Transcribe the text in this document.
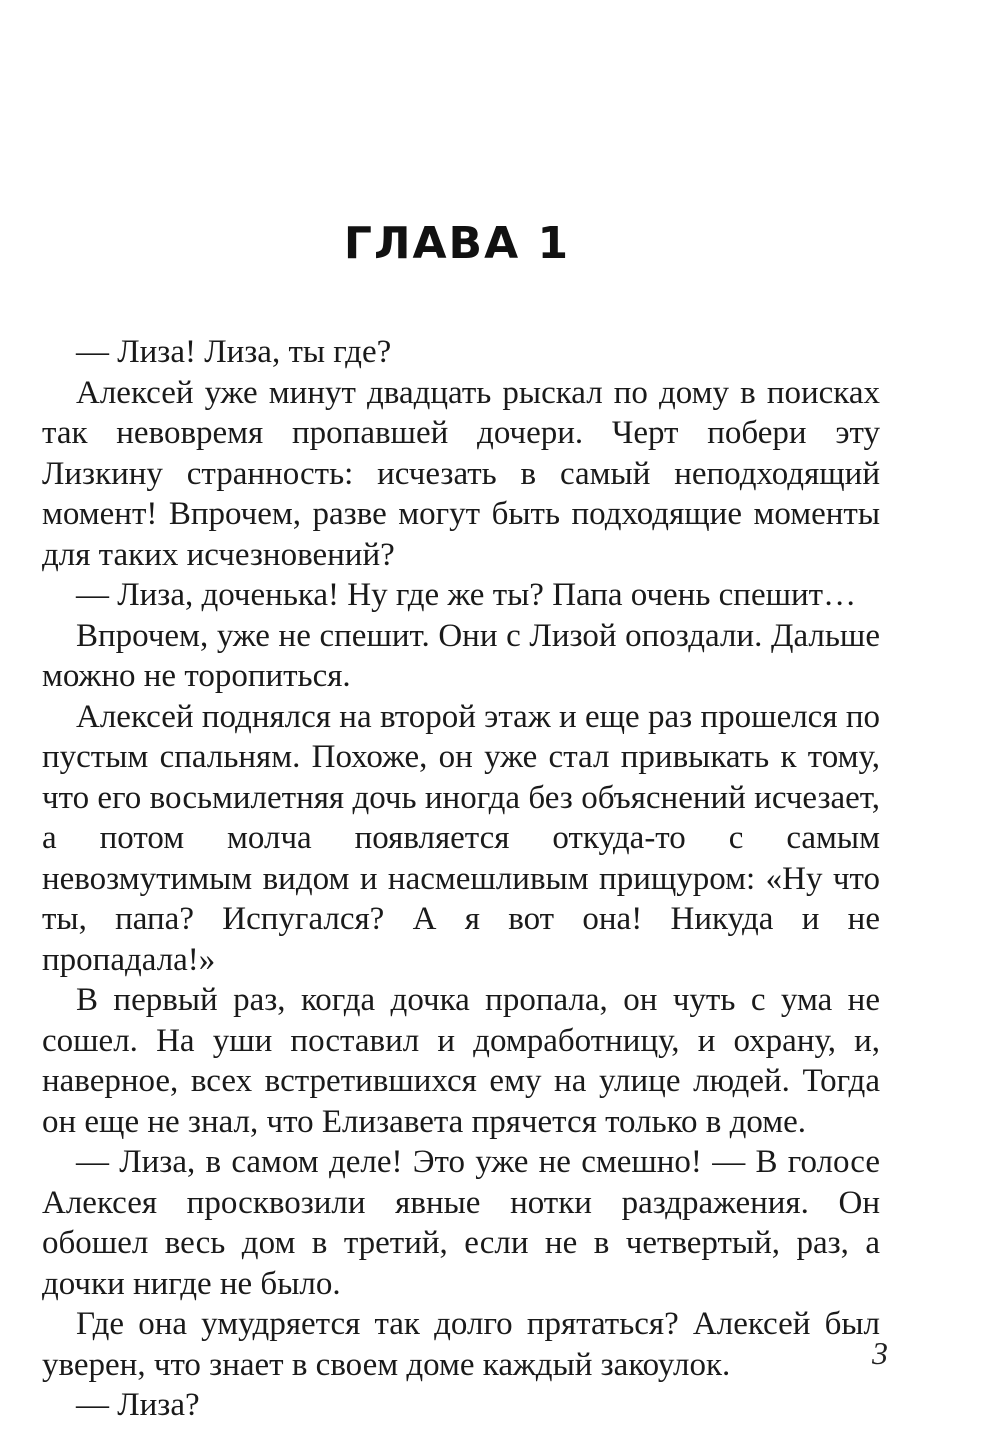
ГЛАВА 1

— Лиза! Лиза, ты где?

Алексей уже минут двадцать рыскал по дому в поисках так невовремя пропавшей дочери. Черт побери эту Лизкину странность: исчезать в самый неподходящий момент! Впрочем, разве могут быть подходящие моменты для таких исчезновений?

— Лиза, доченька! Ну где же ты? Папа очень спешит…

Впрочем, уже не спешит. Они с Лизой опоздали. Дальше можно не торопиться.

Алексей поднялся на второй этаж и еще раз прошелся по пустым спальням. Похоже, он уже стал привыкать к тому, что его восьмилетняя дочь иногда без объяснений исчезает, а потом молча появляется откуда-то с самым невозмутимым видом и насмешливым прищуром: «Ну что ты, папа? Испугался? А я вот она! Никуда и не пропадала!»

В первый раз, когда дочка пропала, он чуть с ума не сошел. На уши поставил и домработницу, и охрану, и, наверное, всех встретившихся ему на улице людей. Тогда он еще не знал, что Елизавета прячется только в доме.

— Лиза, в самом деле! Это уже не смешно! — В голосе Алексея просквозили явные нотки раздражения. Он обошел весь дом в третий, если не в четвертый, раз, а дочки нигде не было.

Где она умудряется так долго прятаться? Алексей был уверен, что знает в своем доме каждый закоулок.

— Лиза?

3
